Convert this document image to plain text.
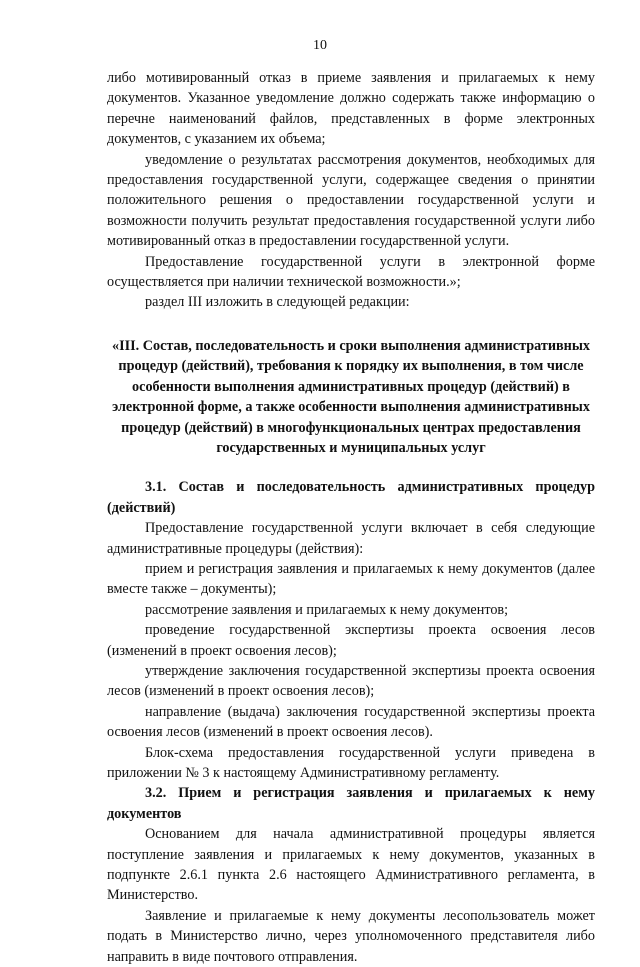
10

либо мотивированный отказ в приеме заявления и прилагаемых к нему документов. Указанное уведомление должно содержать также информацию о перечне наименований файлов, представленных в форме электронных документов, с указанием их объема;

уведомление о результатах рассмотрения документов, необходимых для предоставления государственной услуги, содержащее сведения о принятии положительного решения о предоставлении государственной услуги и возможности получить результат предоставления государственной услуги либо мотивированный отказ в предоставлении государственной услуги.

Предоставление государственной услуги в электронной форме осуществляется при наличии технической возможности.»;

раздел III изложить в следующей редакции:

«III. Состав, последовательность и сроки выполнения административных процедур (действий), требования к порядку их выполнения, в том числе особенности выполнения административных процедур (действий) в электронной форме, а также особенности выполнения административных процедур (действий) в многофункциональных центрах предоставления государственных и муниципальных услуг

3.1. Состав и последовательность административных процедур (действий)

Предоставление государственной услуги включает в себя следующие административные процедуры (действия):

прием и регистрация заявления и прилагаемых к нему документов (далее вместе также – документы);

рассмотрение заявления и прилагаемых к нему документов;

проведение государственной экспертизы проекта освоения лесов (изменений в проект освоения лесов);

утверждение заключения государственной экспертизы проекта освоения лесов (изменений в проект освоения лесов);

направление (выдача) заключения государственной экспертизы проекта освоения лесов (изменений в проект освоения лесов).

Блок-схема предоставления государственной услуги приведена в приложении № 3 к настоящему Административному регламенту.

3.2. Прием и регистрация заявления и прилагаемых к нему документов

Основанием для начала административной процедуры является поступление заявления и прилагаемых к нему документов, указанных в подпункте 2.6.1 пункта 2.6 настоящего Административного регламента, в Министерство.

Заявление и прилагаемые к нему документы лесопользователь может подать в Министерство лично, через уполномоченного представителя либо направить в виде почтового отправления.
